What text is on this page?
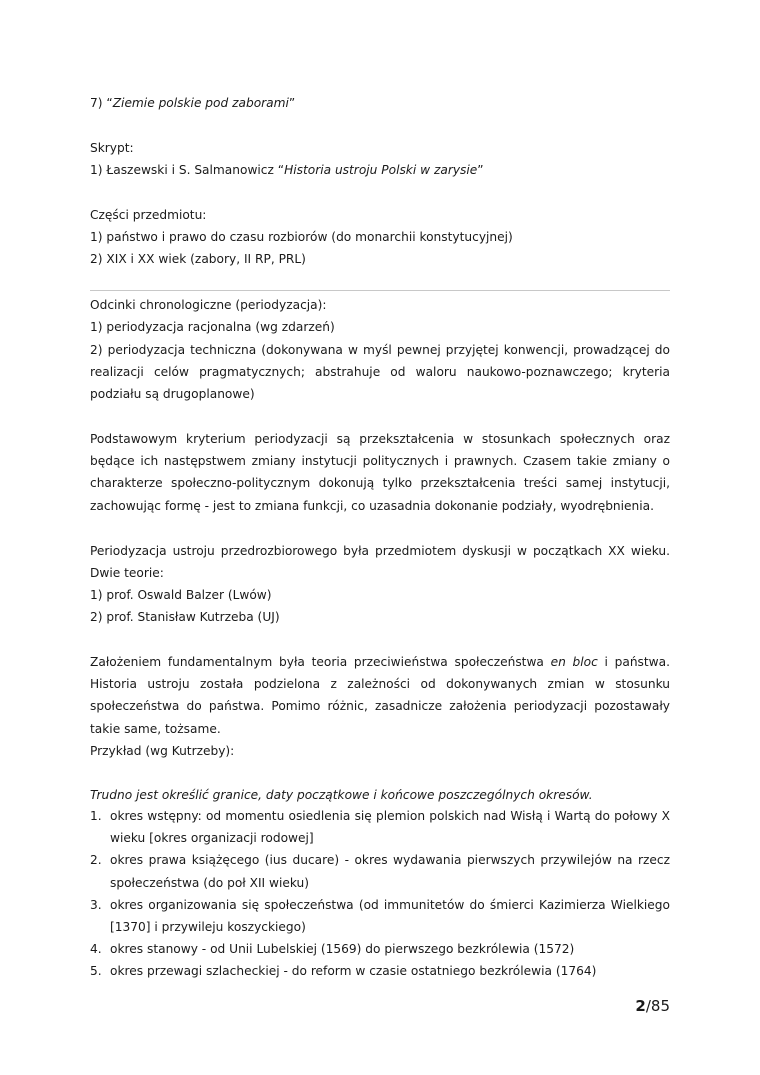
7) “Ziemie polskie pod zaborami”
Skrypt:
1) Łaszewski i S. Salmanowicz “Historia ustroju Polski w zarysie”
Części przedmiotu:
1) państwo i prawo do czasu rozbiorów (do monarchii konstytucyjnej)
2) XIX i XX wiek (zabory, II RP, PRL)
Odcinki chronologiczne (periodyzacja):
1) periodyzacja racjonalna (wg zdarzeń)
2) periodyzacja techniczna (dokonywana w myśl pewnej przyjętej konwencji, prowadzącej do realizacji celów pragmatycznych; abstrahuje od waloru naukowo-poznawczego; kryteria podziału są drugoplanowe)
Podstawowym kryterium periodyzacji są przekształcenia w stosunkach społecznych oraz będące ich następstwem zmiany instytucji politycznych i prawnych. Czasem takie zmiany o charakterze społeczno-politycznym dokonują tylko przekształcenia treści samej instytucji, zachowując formę - jest to zmiana funkcji, co uzasadnia dokonanie podziały, wyodrębnienia.
Periodyzacja ustroju przedrozbiorowego była przedmiotem dyskusji w początkach XX wieku. Dwie teorie:
1) prof. Oswald Balzer (Lwów)
2) prof. Stanisław Kutrzeba (UJ)
Założeniem fundamentalnym była teoria przeciwieństwa społeczeństwa en bloc i państwa. Historia ustroju została podzielona z zależności od dokonywanych zmian w stosunku społeczeństwa do państwa. Pomimo różnic, zasadnicze założenia periodyzacji pozostawały takie same, tożsame.
Przykład (wg Kutrzeby):
Trudno jest określić granice, daty początkowe i końcowe poszczególnych okresów.
1. okres wstępny: od momentu osiedlenia się plemion polskich nad Wisłą i Wartą do połowy X wieku [okres organizacji rodowej]
2. okres prawa książęcego (ius ducare) - okres wydawania pierwszych przywilejów na rzecz społeczeństwa (do poł XII wieku)
3. okres organizowania się społeczeństwa (od immunitetów do śmierci Kazimierza Wielkiego [1370] i przywileju koszyckiego)
4. okres stanowy - od Unii Lubelskiej (1569) do pierwszego bezkrólewia (1572)
5. okres przewagi szlacheckiej - do reform w czasie ostatniego bezkrólewia (1764)
2/85
